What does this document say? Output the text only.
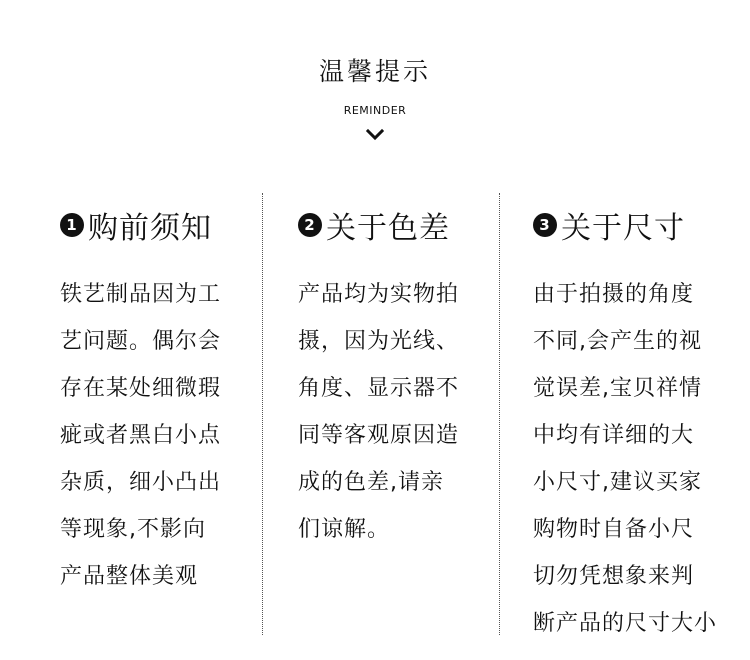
温馨提示
REMINDER
1 购前须知
铁艺制品因为工
艺问题。偶尔会
存在某处细微瑕
疵或者黑白小点
杂质，细小凸出
等现象,不影向
产品整体美观
2 关于色差
产品均为实物拍
摄，因为光线、
角度、显示器不
同等客观原因造
成的色差,请亲
们谅解。
3 关于尺寸
由于拍摄的角度
不同,会产生的视
觉误差,宝贝祥情
中均有详细的大
小尺寸,建议买家
购物时自备小尺
切勿凭想象来判
断产品的尺寸大小
